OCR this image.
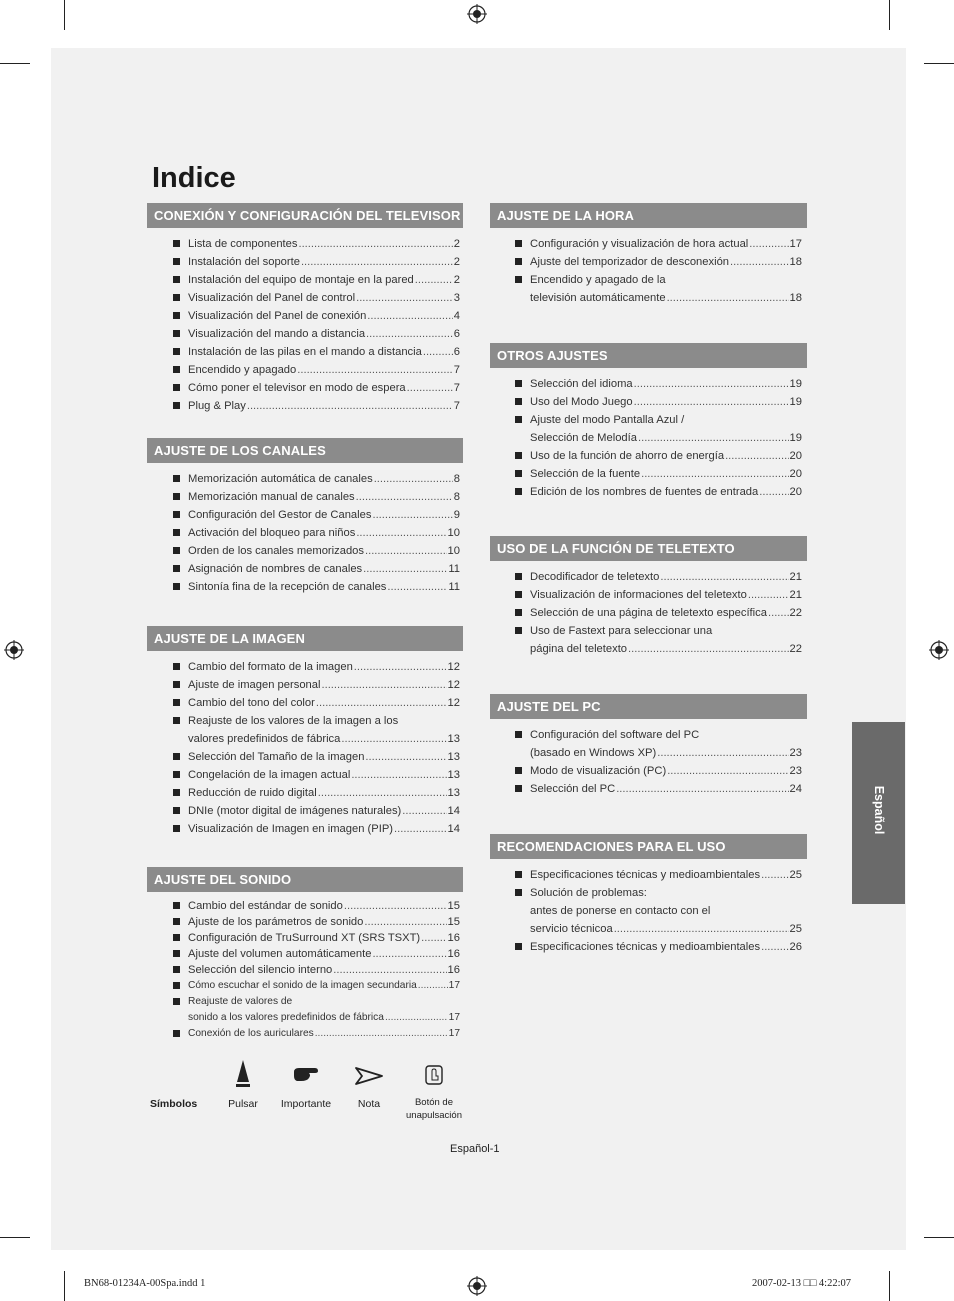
Indice
CONEXIÓN Y CONFIGURACIÓN DEL TELEVISOR
Lista de componentes .....	2
Instalación del soporte .....	2
Instalación del equipo de montaje en la pared .....	2
Visualización del Panel de control .....	3
Visualización del Panel de conexión .....	4
Visualización del mando a distancia .....	6
Instalación de las pilas en el mando a distancia .....	6
Encendido y apagado .....	7
Cómo poner el televisor en modo de espera .....	7
Plug & Play .....	7
AJUSTE DE LOS CANALES
Memorización automática de canales .....	8
Memorización manual de canales .....	8
Configuración del Gestor de Canales .....	9
Activación del bloqueo para niños .....	10
Orden de los canales memorizados .....	10
Asignación de nombres de canales .....	11
Sintonía fina de la recepción de canales .....	11
AJUSTE DE LA IMAGEN
Cambio del formato de la imagen .....	12
Ajuste de imagen personal .....	12
Cambio del tono del color .....	12
Reajuste de los valores de la imagen a los
valores predefinidos de fábrica .....	13
Selección del Tamaño de la imagen .....	13
Congelación de la imagen actual .....	13
Reducción de ruido digital .....	13
DNIe (motor digital de imágenes naturales) .....	14
Visualización de Imagen en imagen (PIP) .....	14
AJUSTE DEL SONIDO
Cambio del estándar de sonido .....	15
Ajuste de los parámetros de sonido .....	15
Configuración de TruSurround XT (SRS TSXT) ..... 16
Ajuste del volumen automáticamente .....	16
Selección del silencio interno .....	16
Cómo escuchar el sonido de la imagen secundaria .....	17
Reajuste de valores de
sonido a los valores predefinidos de fábrica .....	17
Conexión de los auriculares .....	17
AJUSTE DE LA HORA
Configuración y visualización de hora actual .....	17
Ajuste del temporizador de desconexión .....	18
Encendido y apagado de la
televisión automáticamente .....	18
OTROS AJUSTES
Selección del idioma .....	19
Uso del Modo Juego .....	19
Ajuste del modo Pantalla Azul /
Selección de Melodía .....	19
Uso de la función de ahorro de energía .....	20
Selección de la fuente .....	20
Edición de los nombres de fuentes de entrada .....	20
USO DE LA FUNCIÓN DE TELETEXTO
Decodificador de teletexto .....	21
Visualización de informaciones del teletexto .....	21
Selección de una página de teletexto específica ..... 22
Uso de Fastext para seleccionar una
página del teletexto .....	22
AJUSTE DEL PC
Configuración del software del PC
(basado en Windows XP) .....	23
Modo de visualización (PC) .....	23
Selección del PC .....	24
RECOMENDACIONES PARA EL USO
Especificaciones técnicas y medioambientales .....	25
Solución de problemas:
antes de ponerse en contacto con el
servicio técnicoa .....	25
Especificaciones técnicas y medioambientales .....	26
Español
Símbolos	Pulsar	Importante	Nota	Botón de unapulsación
Español-1
BN68-01234A-00Spa.indd 1	2007-02-13 □□ 4:22:07
